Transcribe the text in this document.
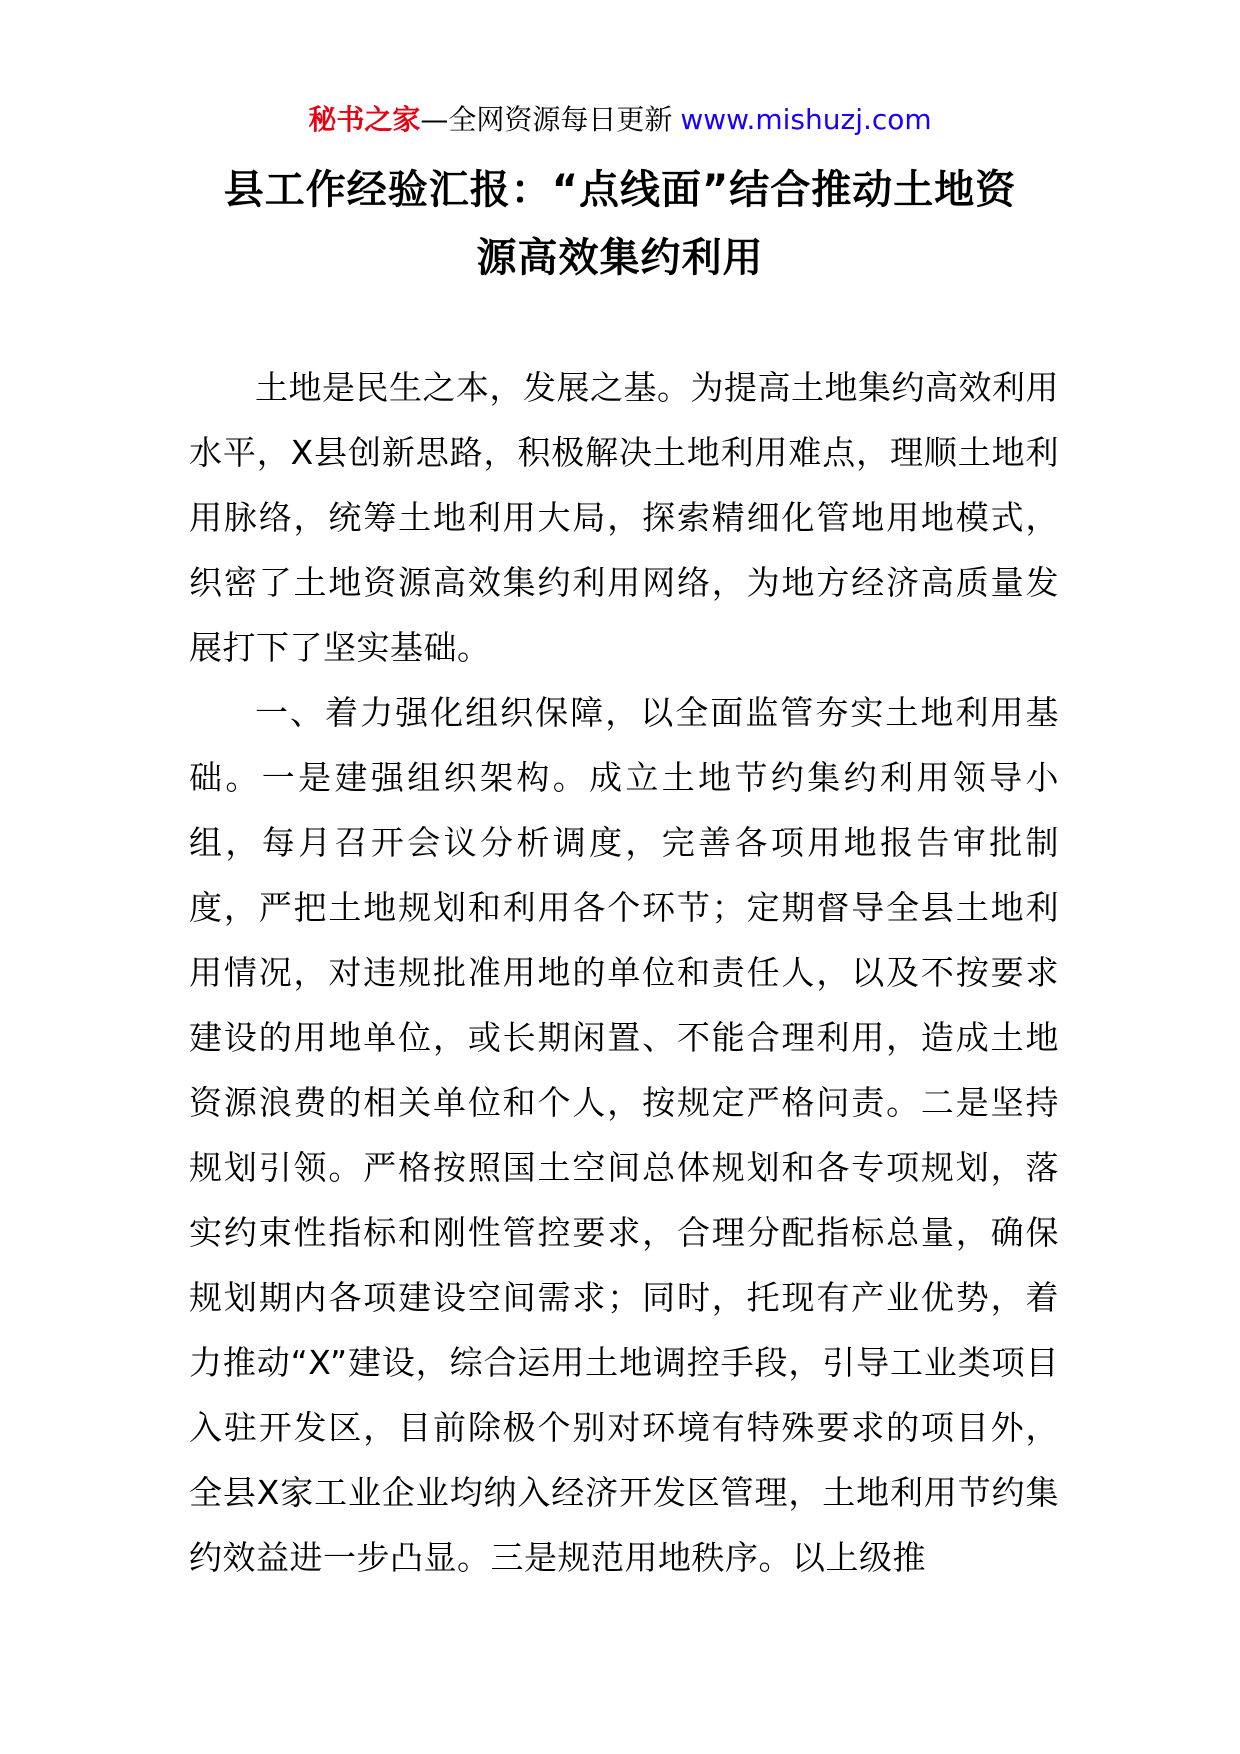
秘书之家—全网资源每日更新 www.mishuzj.com
县工作经验汇报：“点线面”结合推动土地资
源高效集约利用

土地是民生之本，发展之基。为提高土地集约高效利用水平，X县创新思路，积极解决土地利用难点，理顺土地利用脉络，统筹土地利用大局，探索精细化管地用地模式，织密了土地资源高效集约利用网络，为地方经济高质量发展打下了坚实基础。

一、着力强化组织保障，以全面监管夯实土地利用基础。一是建强组织架构。成立土地节约集约利用领导小组，每月召开会议分析调度，完善各项用地报告审批制度，严把土地规划和利用各个环节；定期督导全县土地利用情况，对违规批准用地的单位和责任人，以及不按要求建设的用地单位，或长期闲置、不能合理利用，造成土地资源浪费的相关单位和个人，按规定严格问责。二是坚持规划引领。严格按照国土空间总体规划和各专项规划，落实约束性指标和刚性管控要求，合理分配指标总量，确保规划期内各项建设空间需求；同时，托现有产业优势，着力推动“X”建设，综合运用土地调控手段，引导工业类项目入驻开发区，目前除极个别对环境有特殊要求的项目外，全县X家工业企业均纳入经济开发区管理，土地利用节约集约效益进一步凸显。三是规范用地秩序。以上级推
